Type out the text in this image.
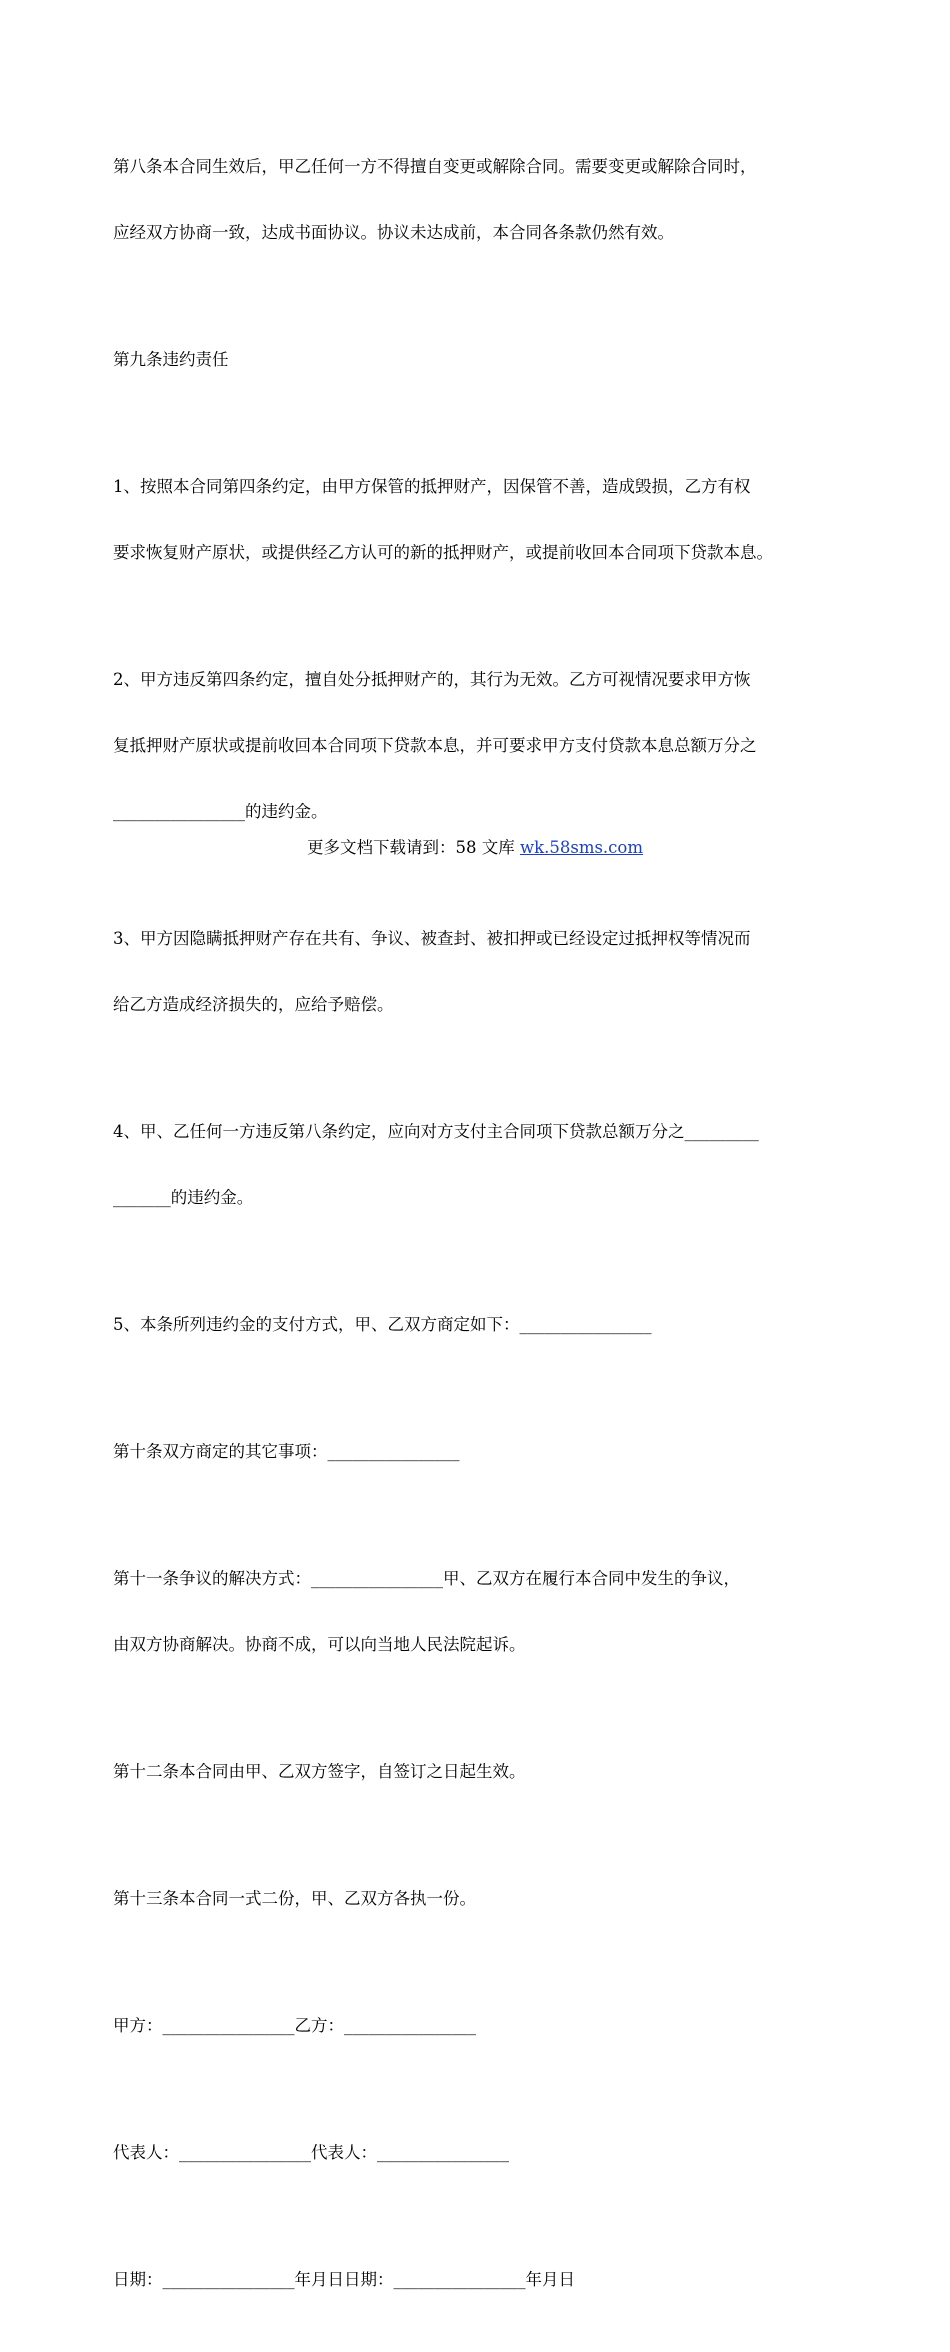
第八条本合同生效后，甲乙任何一方不得擅自变更或解除合同。需要变更或解除合同时，

应经双方协商一致，达成书面协议。协议未达成前，本合同各条款仍然有效。

第九条违约责任

1、按照本合同第四条约定，由甲方保管的抵押财产，因保管不善，造成毁损，乙方有权

要求恢复财产原状，或提供经乙方认可的新的抵押财产，或提前收回本合同项下贷款本息。

2、甲方违反第四条约定，擅自处分抵押财产的，其行为无效。乙方可视情况要求甲方恢

复抵押财产原状或提前收回本合同项下贷款本息，并可要求甲方支付贷款本息总额万分之

________________的违约金。

3、甲方因隐瞒抵押财产存在共有、争议、被查封、被扣押或已经设定过抵押权等情况而

给乙方造成经济损失的，应给予赔偿。

4、甲、乙任何一方违反第八条约定，应向对方支付主合同项下贷款总额万分之_________

_______的违约金。

5、本条所列违约金的支付方式，甲、乙双方商定如下：________________

第十条双方商定的其它事项：________________

第十一条争议的解决方式：________________甲、乙双方在履行本合同中发生的争议，

由双方协商解决。协商不成，可以向当地人民法院起诉。

第十二条本合同由甲、乙双方签字，自签订之日起生效。

第十三条本合同一式二份，甲、乙双方各执一份。

甲方：________________乙方：________________

代表人：________________代表人：________________

日期：________________年月日日期：________________年月日

更多文档下载请到：58 文库 wk.58sms.com
